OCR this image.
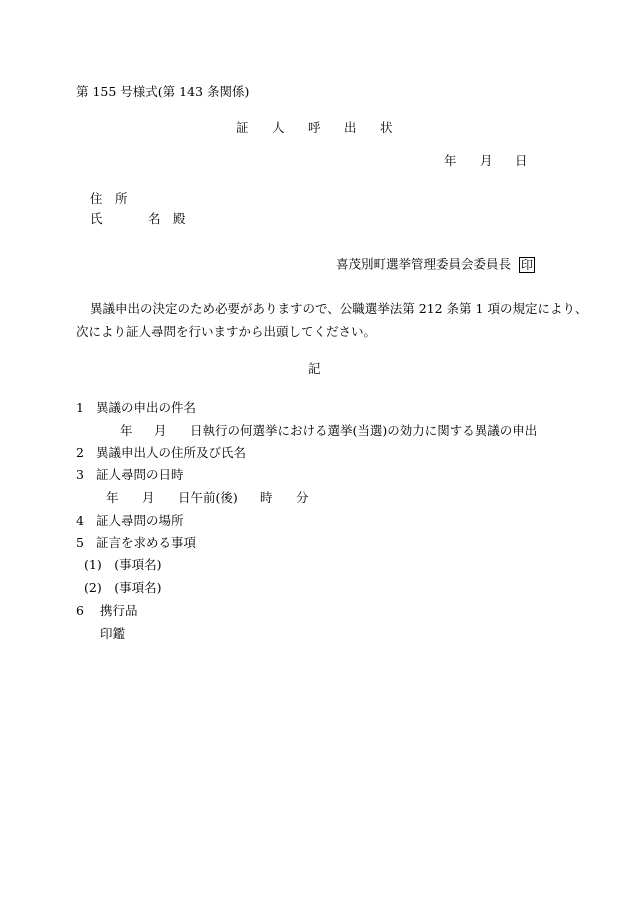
第 155 号様式(第 143 条関係)
証 人 呼 出 状
年 月 日
住　所
氏	名　殿
喜茂別町選挙管理委員会委員長 印
異議申出の決定のため必要がありますので、公職選挙法第 212 条第 1 項の規定により、
次により証人尋問を行いますから出頭してください。
記
1 異議の申出の件名
年 月 日執行の何選挙における選挙(当選)の効力に関する異議の申出
2 異議申出人の住所及び氏名
3 証人尋問の日時
年 月 日午前(後) 時 分
4 証人尋問の場所
5 証言を求める事項
(1)　(事項名)
(2)　(事項名)
6 携行品
印鑑
